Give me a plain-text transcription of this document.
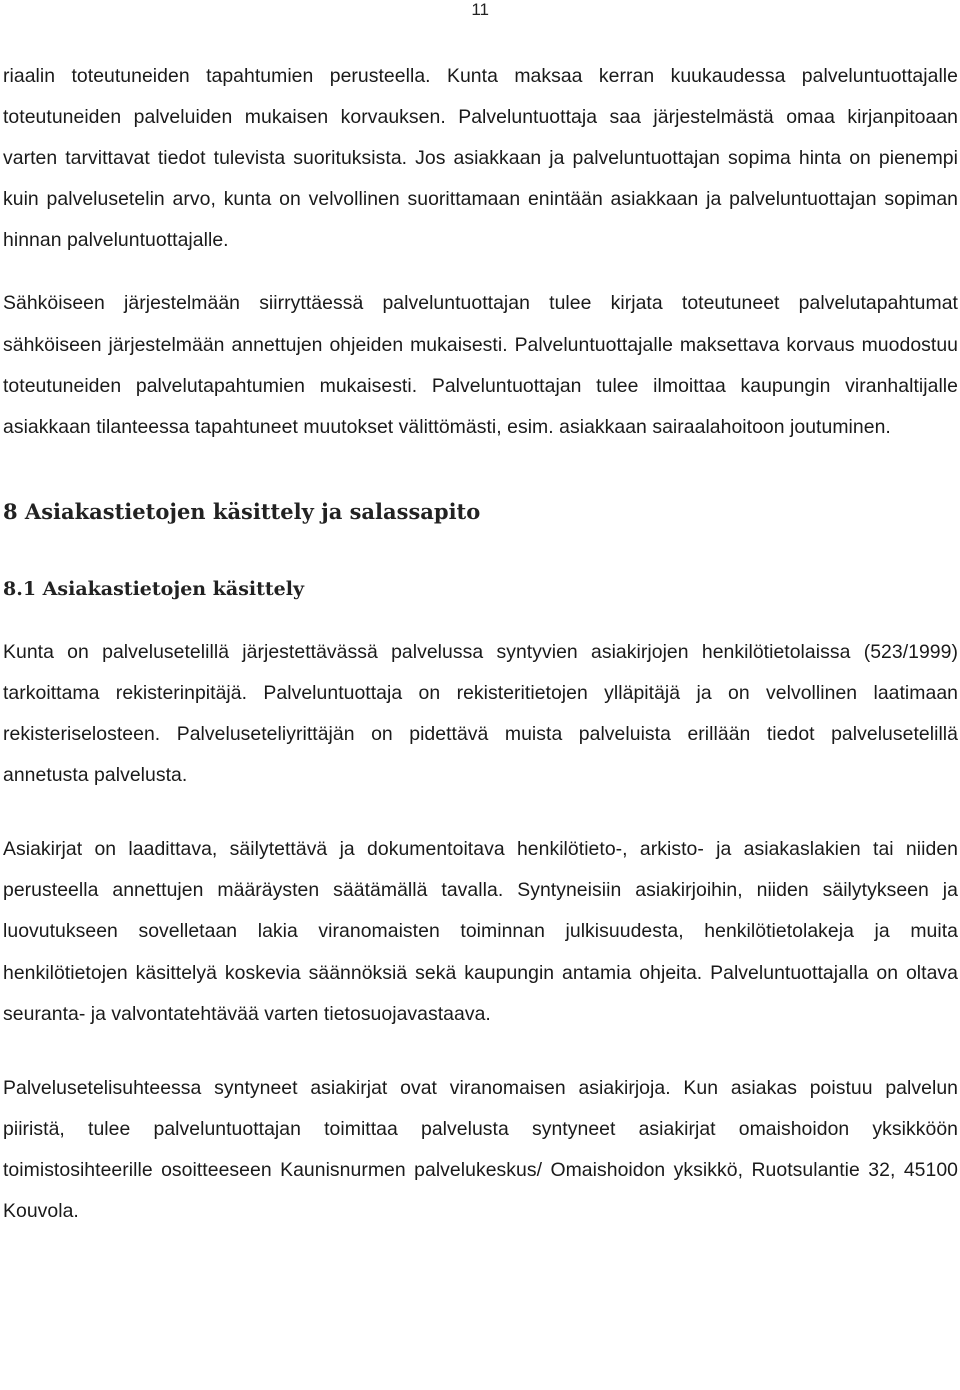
11

riaalin toteutuneiden tapahtumien perusteella. Kunta maksaa kerran kuukaudessa palveluntuottajalle toteutuneiden palveluiden mukaisen korvauksen. Palveluntuottaja saa järjestelmästä omaa kirjanpitoaan varten tarvittavat tiedot tulevista suorituksista. Jos asiakkaan ja palveluntuottajan sopima hinta on pienempi kuin palvelusetelin arvo, kunta on velvollinen suorittamaan enintään asiakkaan ja palveluntuottajan sopiman hinnan palveluntuottajalle.

Sähköiseen järjestelmään siirryttäessä palveluntuottajan tulee kirjata toteutuneet palvelutapahtumat sähköiseen järjestelmään annettujen ohjeiden mukaisesti. Palveluntuottajalle maksettava korvaus muodostuu toteutuneiden palvelutapahtumien mukaisesti. Palveluntuottajan tulee ilmoittaa kaupungin viranhaltijalle asiakkaan tilanteessa tapahtuneet muutokset välittömästi, esim. asiakkaan sairaalahoitoon joutuminen.

8 Asiakastietojen käsittely ja salassapito
8.1 Asiakastietojen käsittely

Kunta on palvelusetelillä järjestettävässä palvelussa syntyvien asiakirjojen henkilötietolaissa (523/1999) tarkoittama rekisterinpitäjä. Palveluntuottaja on rekisteritietojen ylläpitäjä ja on velvollinen laatimaan rekisteriselosteen. Palveluseteliyrittäjän on pidettävä muista palveluista erillään tiedot palvelusetelillä annetusta palvelusta.

Asiakirjat on laadittava, säilytettävä ja dokumentoitava henkilötieto-, arkisto- ja asiakaslakien tai niiden perusteella annettujen määräysten säätämällä tavalla. Syntyneisiin asiakirjoihin, niiden säilytykseen ja luovutukseen sovelletaan lakia viranomaisten toiminnan julkisuudesta, henkilötietolakeja ja muita henkilötietojen käsittelyä koskevia säännöksiä sekä kaupungin antamia ohjeita. Palveluntuottajalla on oltava seuranta- ja valvontatehtävää varten tietosuojavastaava.

Palvelusetelisuhteessa syntyneet asiakirjat ovat viranomaisen asiakirjoja. Kun asiakas poistuu palvelun piiristä, tulee palveluntuottajan toimittaa palvelusta syntyneet asiakirjat omaishoidon yksikköön toimistosihteerille osoitteeseen Kaunisnurmen palvelukeskus/ Omaishoidon yksikkö, Ruotsulantie 32, 45100 Kouvola.
